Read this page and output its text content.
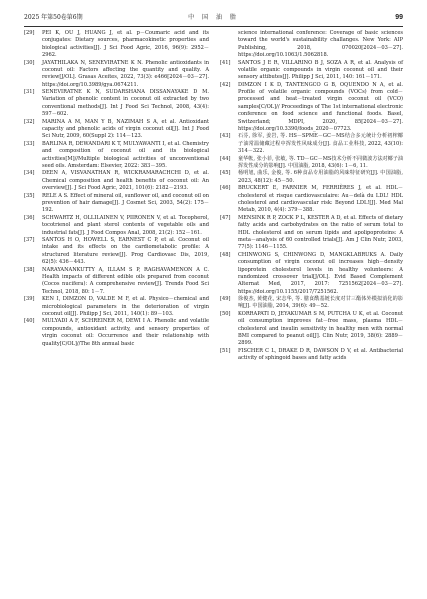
2025 年第50卷第6期	中 国 油 脂	99
[29] PEI K, OU J, HUANG J, et al. p－Coumaric acid and its conjugates: Dietary sources, pharmacokinetic properties and biological activities[J]. J Sci Food Agric, 2016, 96(9): 2952－2962.
[30] JAYATHILAKA N, SENEVIRATNE K N. Phenolic antioxidants in coconut oil: Factors affecting the quantity and quality. A review[J/OL]. Grasas Aceites, 2022, 73(3): e466[2024－03－27]. https://doi.org/10.3989/gya.0674211.
[31] SENEVIRATNE K N, SUDARSHANA DISSANAYAKE D M. Variation of phenolic content in coconut oil extracted by two conventional methods[J]. Int J Food Sci Technol, 2008, 43(4): 597－602.
[32] MARINA A M, MAN Y B, NAZIMAH S A, et al. Antioxidant capacity and phenolic acids of virgin coconut oil[J]. Int J Food Sci Nutr, 2009, 60(Suppl 2): 114－123.
[33] BARLINA R, DEWANDARI K T, MULYAWANTI I, et al. Chemistry and composition of coconut oil and its biological activities[M]//Multiple biological activities of unconventional seed oils. Amsterdam: Elsevier, 2022: 383－395.
[34] DEEN A, VISVANATHAN R, WICKRAMARACHCHI D, et al. Chemical composition and health benefits of coconut oil: An overview[J]. J Sci Food Agric, 2021, 101(6): 2182－2193.
[35] RELE A S. Effect of mineral oil, sunflower oil, and coconut oil on prevention of hair damage[J]. J Cosmet Sci, 2003, 54(2): 175－192.
[36] SCHWARTZ H, OLLILAINEN V, PIIRONEN V, et al. Tocopherol, tocotrienol and plant sterol contents of vegetable oils and industrial fats[J]. J Food Compos Anal, 2008, 21(2): 152－161.
[37] SANTOS H O, HOWELL S, EARNEST C P, et al. Coconut oil intake and its effects on the cardiometabolic profile: A structured literature review[J]. Prog Cardiovasc Dis, 2019, 62(5): 436－443.
[38] NARAYANANKUTTY A, ILLAM S P, RAGHAVAMENON A C. Health impacts of different edible oils prepared from coconut (Cocos nucifera): A comprehensive review[J]. Trends Food Sci Technol, 2018, 80: 1－7.
[39] KEN I, DIMZON D, VALDE M F, et al. Physico－chemical and microbiological parameters in the deterioration of virgin coconut oil[J]. Philipp J Sci, 2011, 140(1): 89－103.
[40] MULYADI A F, SCHREINER M, DEWI I A. Phenolic and volatile compounds, antioxidant activity, and sensory properties of virgin coconut oil: Occurrence and their relationship with quality[C/OL]//The 8th annual basic
science international conference: Coverage of basic sciences toward the world's sustainability challanges. New York: AIP Publishing, 2018, 070020[2024－03－27]. https://doi.org/10.1063/1.5062818.
[41] SANTOS J E R, VILLARINO B J, SOZA A R, et al. Analysis of volatile organic compounds in virgin coconut oil and their sensory attibutes[J]. Philipp J Sci, 2011, 140: 161－171.
[42] DIMZON I K D, TANTENGCO G B, OQUENDO N A, et al. Profile of volatile organic compounds (VOCs) from cold－processed and heat－treated virgin coconut oil (VCO) samples[C/OL]// Proceedings of The 1st international electronic conference on food science and functional foods. Basel, Switzerland; MDPI, 2020, 85[2024－03－27]. https://doi.org/10.3390/foods_2020－07723.
[43] 石芬, 徐军, 姜岩, 等. HS－SPME－GC－MS结合多元统计分析初榨椰子油常温储藏过程中挥发性风味成分[J]. 食品工业科技, 2022, 43(10): 314－322.
[44] 童华帐, 张小菲, 张敏, 等. TD－GC－MS技术分析不同微波方法对椰子油挥发性成分的影响[J]. 中国油脂, 2018, 43(6): 1－6, 11.
[45] 杨明旭, 曲乐, 金俊, 等. 6种食品专用油脂的风味特征研究[J]. 中国油脂, 2023, 48(12): 45－50.
[46] BRUCKERT E, FARNIER M, FERRIÈRES J, et al. HDL－cholesterol et risque cardiovasculaire: Au－delà du LDL! HDL cholesterol and cardiovascular risk: Beyond LDL![J]. Med Mal Metab, 2010, 4(4): 379－388.
[47] MENSINK R P, ZOCK P L, KESTER A D, et al. Effects of dietary fatty acids and carbohydrates on the ratio of serum total to HDL cholesterol and on serum lipids and apolipoproteins: A meta－analysis of 60 controlled trials[J]. Am J Clin Nutr, 2003, 77(5): 1146－1155.
[48] CHINWONG S, CHINWONG D, MANGKLABRUKS A. Daily consumption of virgin coconut oil increases high－density lipoprotein cholesterol levels in healthy volunteers: A randomized crossover trial[J/OL]. Evid Based Complement Alternat Med, 2017, 2017: 7251562[2024－03－27]. https://doi.org/10.1155/2017/7251562.
[49] 徐俊杰, 黄健花, 宋志华, 等. 膳食酰基链长度对甘三酯体外模拟消化的影响[J]. 中国油脂, 2014, 39(6): 49－52.
[50] KORRAPATI D, JEYAKUMAR S M, PUTCHA U K, et al. Coconut oil consumption improves fat－free mass, plasma HDL－cholesterol and insulin sensitivity in healthy men with normal BMI compared to peanut oil[J]. Clin Nutr, 2019, 38(6): 2889－2899.
[51] FISCHER C L, DRAKE D R, DAWSON D V, et al. Antibacterial activity of sphingoid bases and fatty acids
